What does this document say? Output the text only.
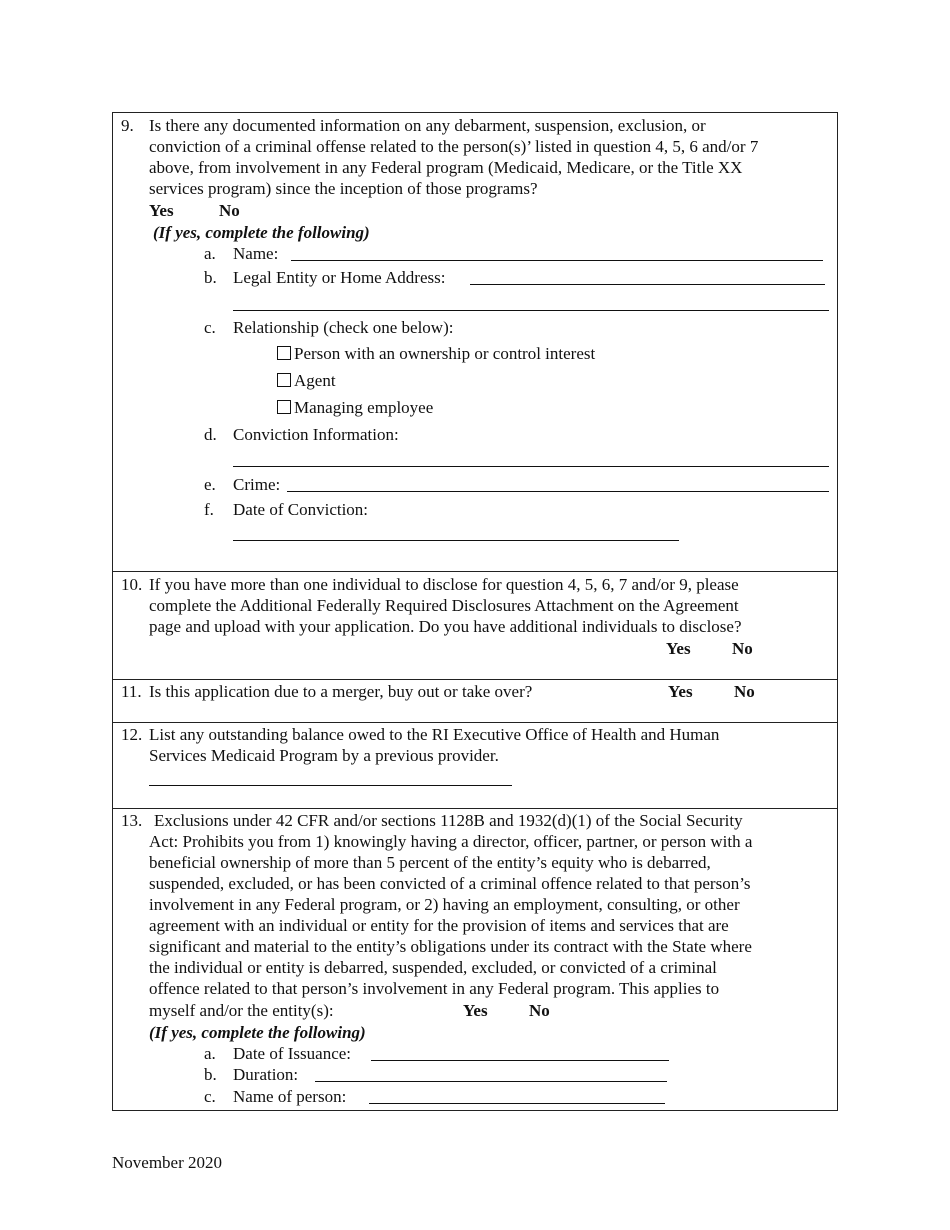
9. Is there any documented information on any debarment, suspension, exclusion, or
conviction of a criminal offense related to the person(s)’ listed in question 4, 5, 6 and/or 7
above, from involvement in any Federal program (Medicaid, Medicare, or the Title XX
services program) since the inception of those programs?
Yes	No
(If yes, complete the following)
a. Name:
b. Legal Entity or Home Address:
c. Relationship (check one below):
Person with an ownership or control interest
Agent
Managing employee
d. Conviction Information:
e. Crime:
f. Date of Conviction:
10. If you have more than one individual to disclose for question 4, 5, 6, 7 and/or 9, please
complete the Additional Federally Required Disclosures Attachment on the Agreement
page and upload with your application. Do you have additional individuals to disclose?
Yes No
11. Is this application due to a merger, buy out or take over?	Yes No
12. List any outstanding balance owed to the RI Executive Office of Health and Human
Services Medicaid Program by a previous provider.
13. Exclusions under 42 CFR and/or sections 1128B and 1932(d)(1) of the Social Security
Act: Prohibits you from 1) knowingly having a director, officer, partner, or person with a
beneficial ownership of more than 5 percent of the entity’s equity who is debarred,
suspended, excluded, or has been convicted of a criminal offence related to that person’s
involvement in any Federal program, or 2) having an employment, consulting, or other
agreement with an individual or entity for the provision of items and services that are
significant and material to the entity’s obligations under its contract with the State where
the individual or entity is debarred, suspended, excluded, or convicted of a criminal
offence related to that person’s involvement in any Federal program. This applies to
myself and/or the entity(s):	Yes No
(If yes, complete the following)
a. Date of Issuance:
b. Duration:
c. Name of person:
November 2020
